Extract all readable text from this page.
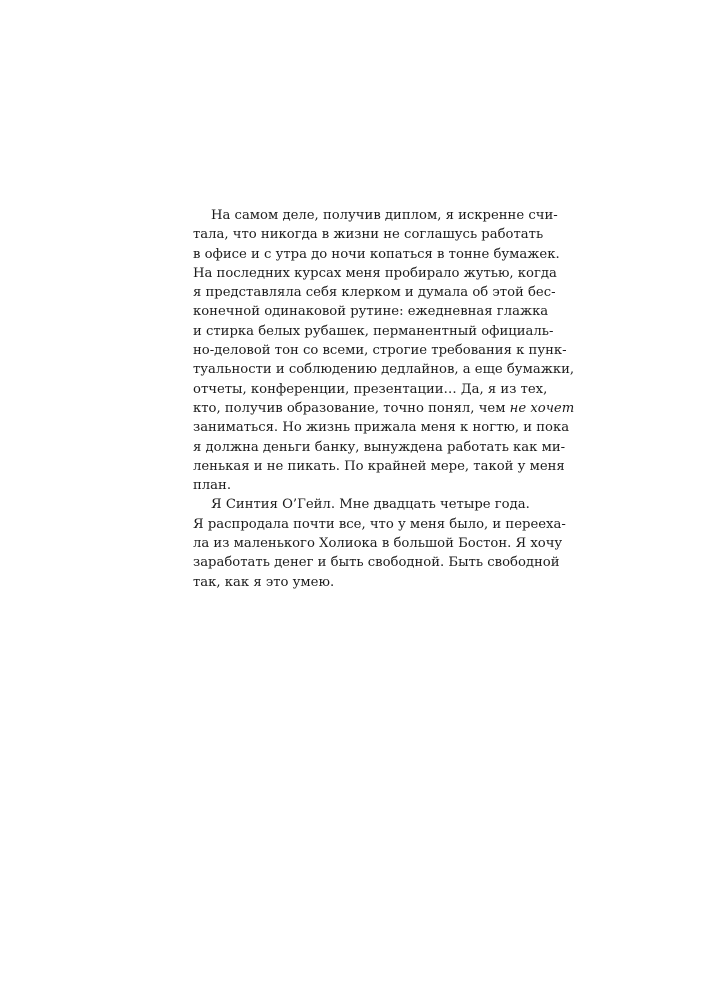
На самом деле, получив диплом, я искренне счи-
тала, что никогда в жизни не соглашусь работать
в офисе и с утра до ночи копаться в тонне бумажек.
На последних курсах меня пробирало жутью, когда
я представляла себя клерком и думала об этой бес-
конечной одинаковой рутине: ежедневная глажка
и стирка белых рубашек, перманентный официаль-
но-деловой тон со всеми, строгие требования к пунк-
туальности и соблюдению дедлайнов, а еще бумажки,
отчеты, конференции, презентации… Да, я из тех,
кто, получив образование, точно понял, чем не хочет
заниматься. Но жизнь прижала меня к ногтю, и пока
я должна деньги банку, вынуждена работать как ми-
ленькая и не пикать. По крайней мере, такой у меня
план.
Я Синтия О’Гейл. Мне двадцать четыре года.
Я распродала почти все, что у меня было, и перееха-
ла из маленького Холиока в большой Бостон. Я хочу
заработать денег и быть свободной. Быть свободной
так, как я это умею.
